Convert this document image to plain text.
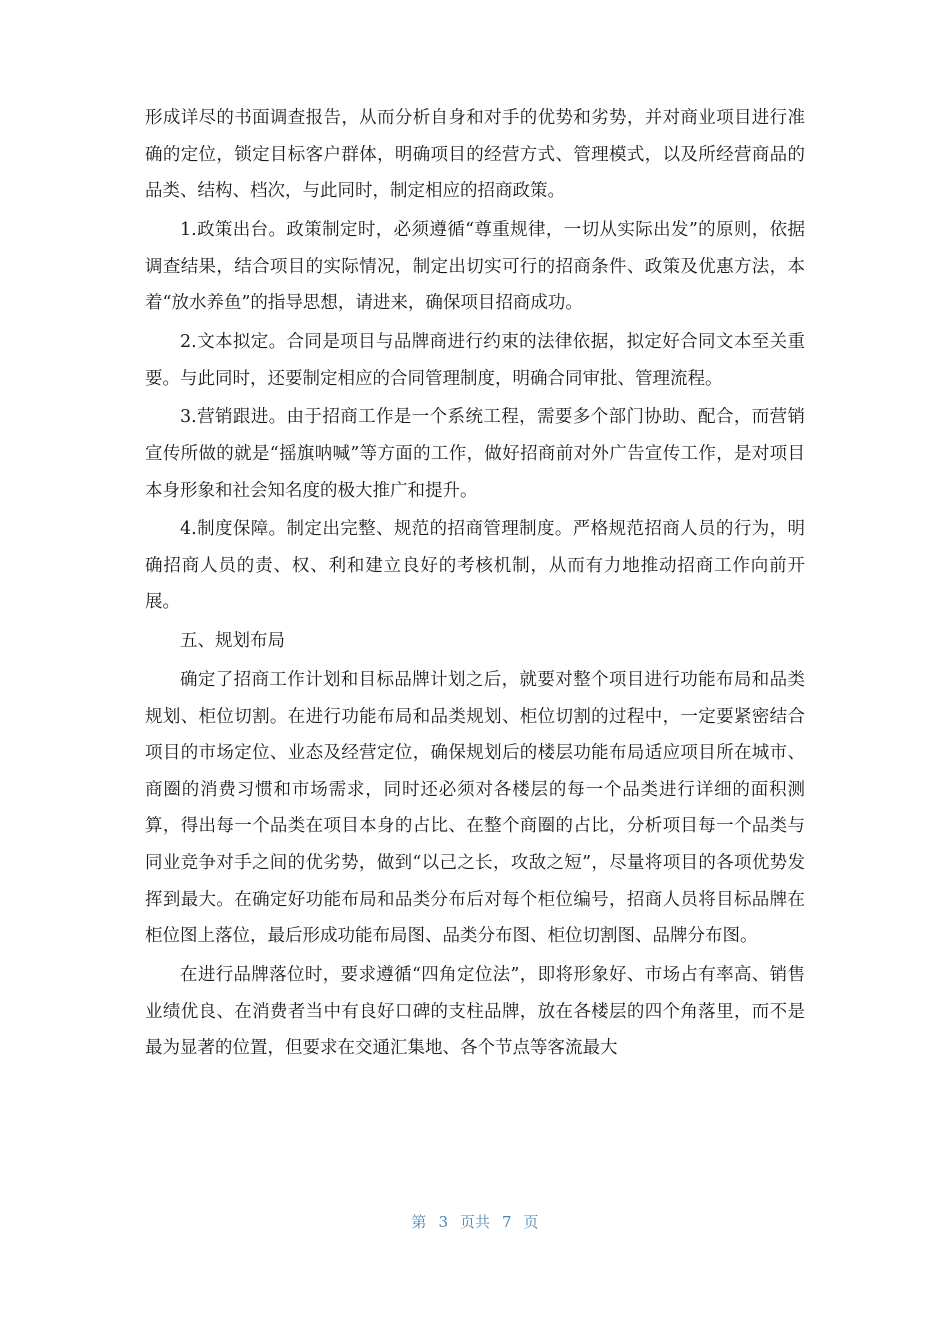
形成详尽的书面调查报告，从而分析自身和对手的优势和劣势，并对商业项目进行准确的定位，锁定目标客户群体，明确项目的经营方式、管理模式，以及所经营商品的品类、结构、档次，与此同时，制定相应的招商政策。

1.政策出台。政策制定时，必须遵循“尊重规律，一切从实际出发”的原则，依据调查结果，结合项目的实际情况，制定出切实可行的招商条件、政策及优惠方法，本着“放水养鱼”的指导思想，请进来，确保项目招商成功。

2.文本拟定。合同是项目与品牌商进行约束的法律依据，拟定好合同文本至关重要。与此同时，还要制定相应的合同管理制度，明确合同审批、管理流程。

3.营销跟进。由于招商工作是一个系统工程，需要多个部门协助、配合，而营销宣传所做的就是“摇旗呐喊”等方面的工作，做好招商前对外广告宣传工作，是对项目本身形象和社会知名度的极大推广和提升。

4.制度保障。制定出完整、规范的招商管理制度。严格规范招商人员的行为，明确招商人员的责、权、利和建立良好的考核机制，从而有力地推动招商工作向前开展。

五、规划布局

确定了招商工作计划和目标品牌计划之后，就要对整个项目进行功能布局和品类规划、柜位切割。在进行功能布局和品类规划、柜位切割的过程中，一定要紧密结合项目的市场定位、业态及经营定位，确保规划后的楼层功能布局适应项目所在城市、商圈的消费习惯和市场需求，同时还必须对各楼层的每一个品类进行详细的面积测算，得出每一个品类在项目本身的占比、在整个商圈的占比，分析项目每一个品类与同业竞争对手之间的优劣势，做到“以己之长，攻敌之短”，尽量将项目的各项优势发挥到最大。在确定好功能布局和品类分布后对每个柜位编号，招商人员将目标品牌在柜位图上落位，最后形成功能布局图、品类分布图、柜位切割图、品牌分布图。

在进行品牌落位时，要求遵循“四角定位法”，即将形象好、市场占有率高、销售业绩优良、在消费者当中有良好口碑的支柱品牌，放在各楼层的四个角落里，而不是最为显著的位置，但要求在交通汇集地、各个节点等客流最大

第 3 页共 7 页
